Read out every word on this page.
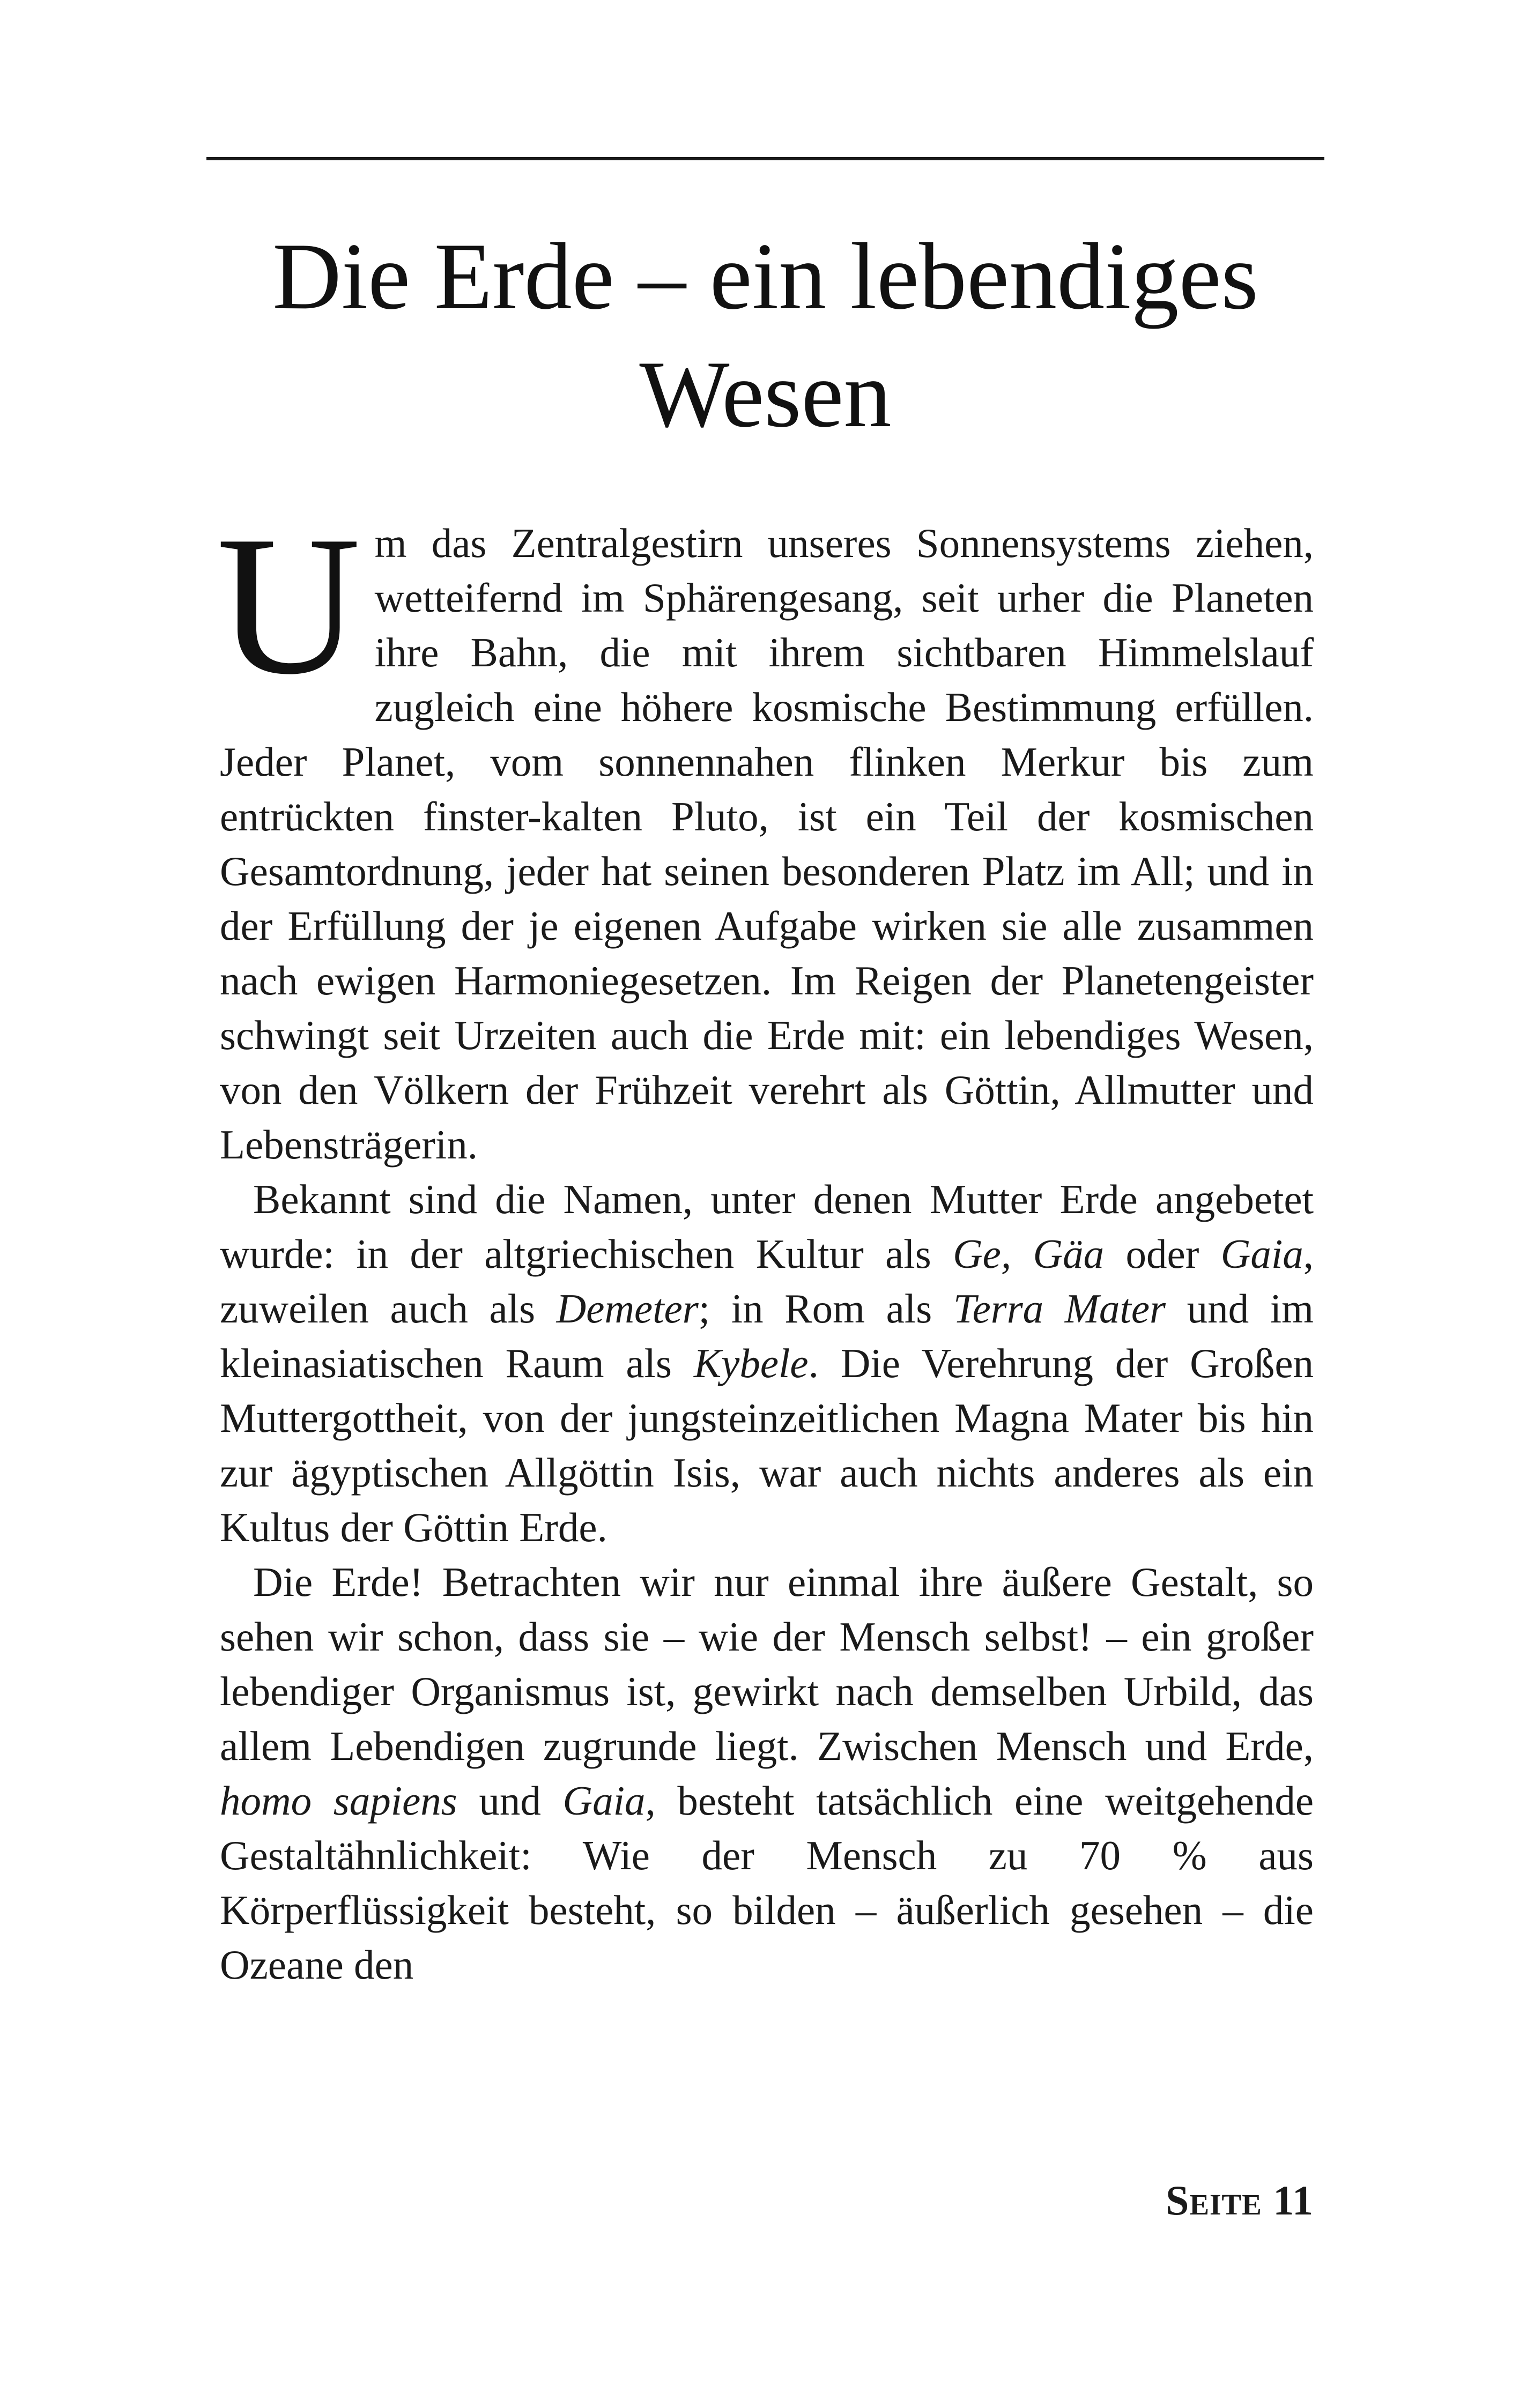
Die Erde – ein lebendiges
Wesen

Um das Zentralgestirn unseres Sonnensystems ziehen, wetteifernd im Sphärengesang, seit urher die Planeten ihre Bahn, die mit ihrem sichtbaren Himmelslauf zugleich eine höhere kosmische Bestimmung erfüllen. Jeder Planet, vom sonnennahen flinken Merkur bis zum entrückten finster-kalten Pluto, ist ein Teil der kosmischen Gesamtordnung, jeder hat seinen besonderen Platz im All; und in der Erfüllung der je eigenen Aufgabe wirken sie alle zusammen nach ewigen Harmoniegesetzen. Im Reigen der Planetengeister schwingt seit Urzeiten auch die Erde mit: ein lebendiges Wesen, von den Völkern der Frühzeit verehrt als Göttin, Allmutter und Lebensträgerin.

Bekannt sind die Namen, unter denen Mutter Erde angebetet wurde: in der altgriechischen Kultur als Ge, Gäa oder Gaia, zuweilen auch als Demeter; in Rom als Terra Mater und im kleinasiatischen Raum als Kybele. Die Verehrung der Großen Muttergottheit, von der jungsteinzeitlichen Magna Mater bis hin zur ägyptischen Allgöttin Isis, war auch nichts anderes als ein Kultus der Göttin Erde.

Die Erde! Betrachten wir nur einmal ihre äußere Gestalt, so sehen wir schon, dass sie – wie der Mensch selbst! – ein großer lebendiger Organismus ist, gewirkt nach demselben Urbild, das allem Lebendigen zugrunde liegt. Zwischen Mensch und Erde, homo sapiens und Gaia, besteht tatsächlich eine weitgehende Gestaltähnlichkeit: Wie der Mensch zu 70 % aus Körperflüssigkeit besteht, so bilden – äußerlich gesehen – die Ozeane den

Seite 11
